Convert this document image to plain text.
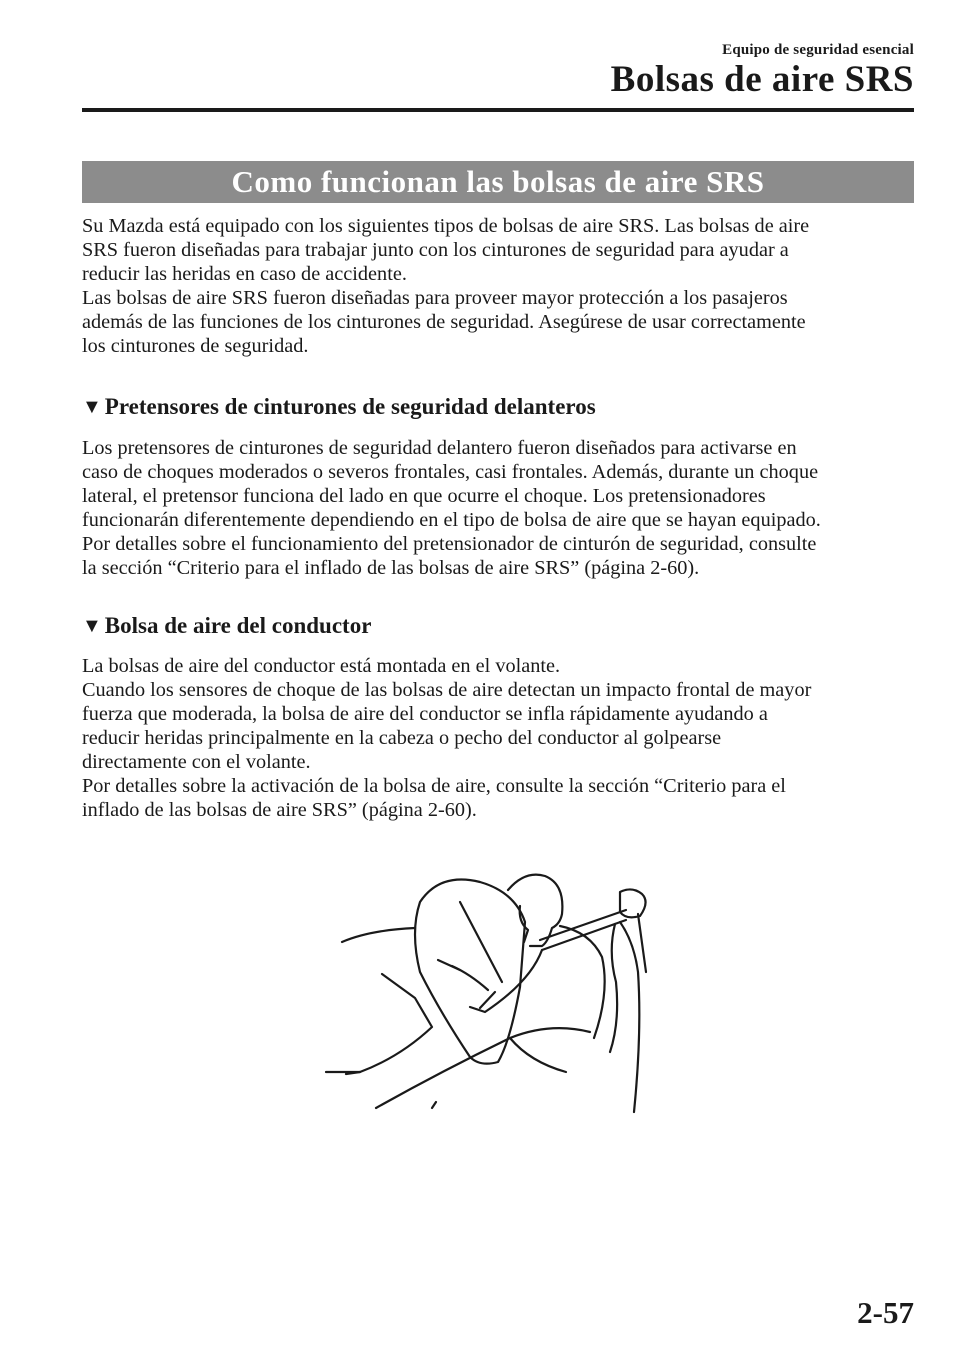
Equipo de seguridad esencial
Bolsas de aire SRS
Como funcionan las bolsas de aire SRS

Su Mazda está equipado con los siguientes tipos de bolsas de aire SRS. Las bolsas de aire
SRS fueron diseñadas para trabajar junto con los cinturones de seguridad para ayudar a
reducir las heridas en caso de accidente.
Las bolsas de aire SRS fueron diseñadas para proveer mayor protección a los pasajeros
además de las funciones de los cinturones de seguridad. Asegúrese de usar correctamente
los cinturones de seguridad.

▼ Pretensores de cinturones de seguridad delanteros

Los pretensores de cinturones de seguridad delantero fueron diseñados para activarse en
caso de choques moderados o severos frontales, casi frontales. Además, durante un choque
lateral, el pretensor funciona del lado en que ocurre el choque. Los pretensionadores
funcionarán diferentemente dependiendo en el tipo de bolsa de aire que se hayan equipado.
Por detalles sobre el funcionamiento del pretensionador de cinturón de seguridad, consulte
la sección “Criterio para el inflado de las bolsas de aire SRS” (página 2-60).

▼ Bolsa de aire del conductor

La bolsas de aire del conductor está montada en el volante.
Cuando los sensores de choque de las bolsas de aire detectan un impacto frontal de mayor
fuerza que moderada, la bolsa de aire del conductor se infla rápidamente ayudando a
reducir heridas principalmente en la cabeza o pecho del conductor al golpearse
directamente con el volante.
Por detalles sobre la activación de la bolsa de aire, consulte la sección “Criterio para el
inflado de las bolsas de aire SRS” (página 2-60).

2-57
